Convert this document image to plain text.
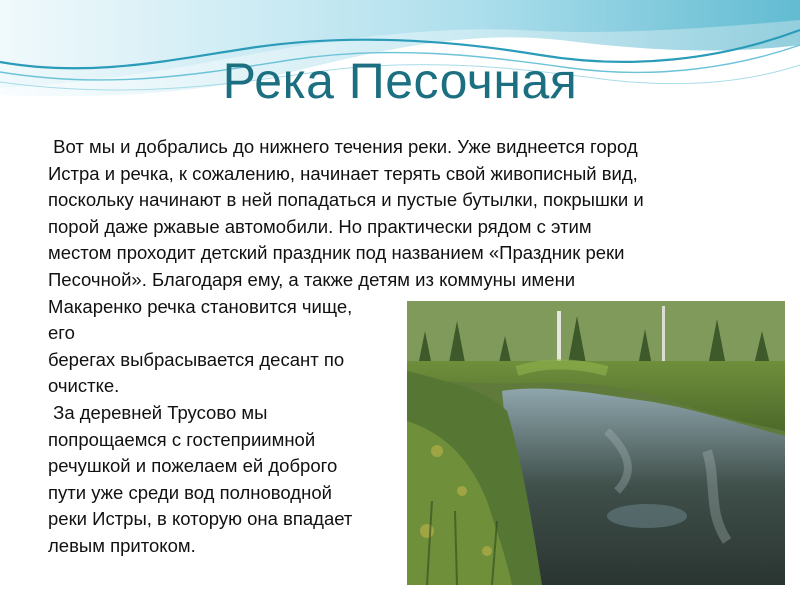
Река Песочная
Вот мы и добрались до нижнего течения реки. Уже виднеется город
Истра и речка, к сожалению, начинает терять свой живописный вид,
поскольку начинают в ней попадаться и пустые бутылки, покрышки и
порой даже ржавые автомобили. Но практически рядом с этим
местом проходит детский праздник под названием «Праздник реки
Песочной». Благодаря ему, а также детям из коммуны имени
Макаренко речка становится чище,
его
берегах выбрасывается десант по
очистке.
За деревней Трусово мы
попрощаемся с гостеприимной
речушкой и пожелаем ей доброго
пути уже среди вод полноводной
реки Истры, в которую она впадает
левым притоком.
